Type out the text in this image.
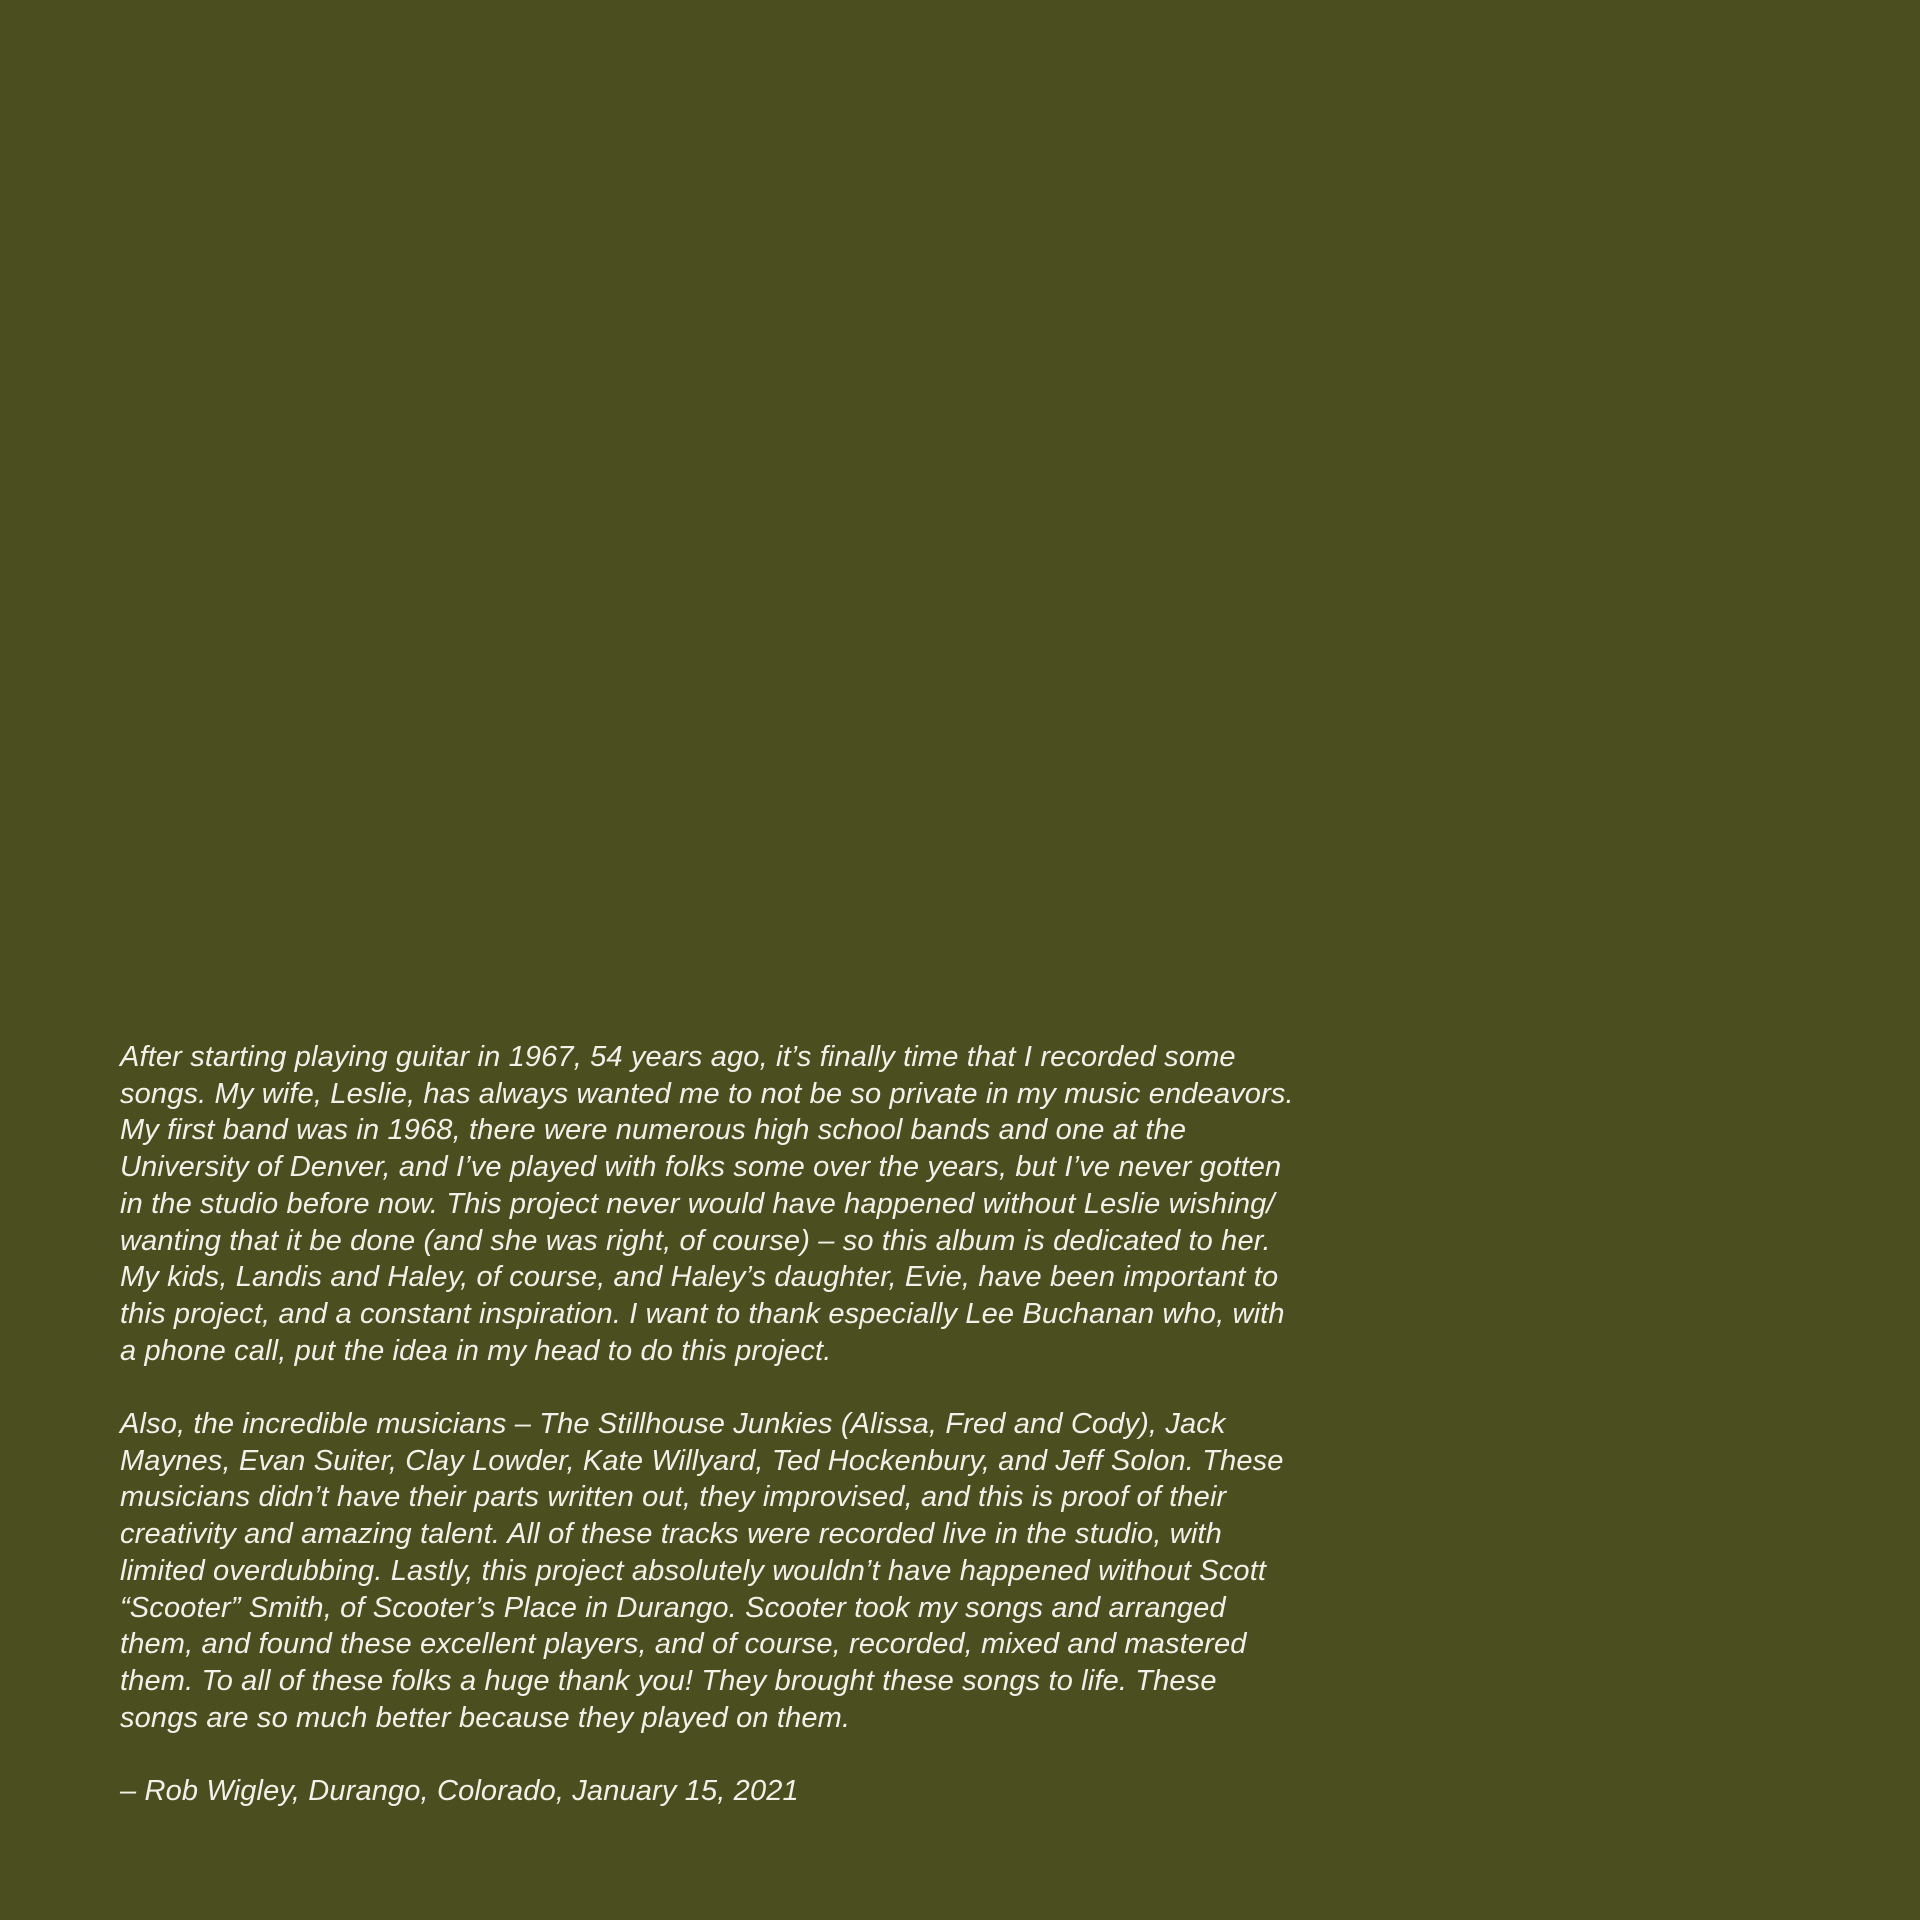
After starting playing guitar in 1967, 54 years ago, it’s finally time that I recorded some
songs. My wife, Leslie, has always wanted me to not be so private in my music endeavors.
My first band was in 1968, there were numerous high school bands and one at the
University of Denver, and I’ve played with folks some over the years, but I’ve never gotten
in the studio before now. This project never would have happened without Leslie wishing/
wanting that it be done (and she was right, of course) – so this album is dedicated to her.
My kids, Landis and Haley, of course, and Haley’s daughter, Evie, have been important to
this project, and a constant inspiration. I want to thank especially Lee Buchanan who, with
a phone call, put the idea in my head to do this project.
Also, the incredible musicians – The Stillhouse Junkies (Alissa, Fred and Cody), Jack
Maynes, Evan Suiter, Clay Lowder, Kate Willyard, Ted Hockenbury, and Jeff Solon. These
musicians didn’t have their parts written out, they improvised, and this is proof of their
creativity and amazing talent. All of these tracks were recorded live in the studio, with
limited overdubbing. Lastly, this project absolutely wouldn’t have happened without Scott
“Scooter” Smith, of Scooter’s Place in Durango. Scooter took my songs and arranged
them, and found these excellent players, and of course, recorded, mixed and mastered
them. To all of these folks a huge thank you! They brought these songs to life. These
songs are so much better because they played on them.
– Rob Wigley, Durango, Colorado, January 15, 2021
